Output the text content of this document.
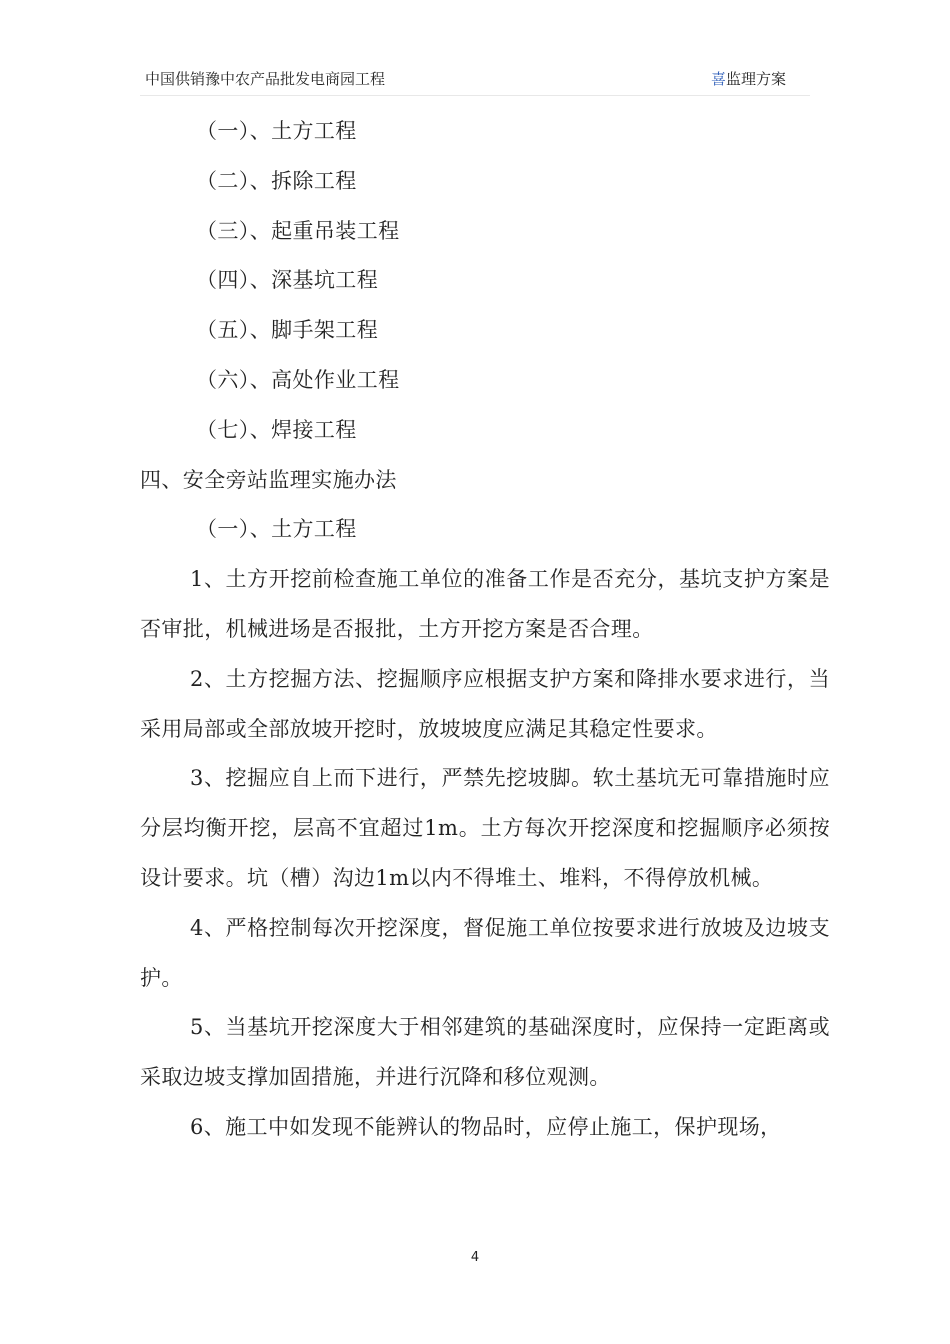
中国供销豫中农产品批发电商园工程	喜监理方案

（一）、土方工程

（二）、拆除工程

（三）、起重吊装工程

（四）、深基坑工程

（五）、脚手架工程

（六）、高处作业工程

（七）、焊接工程

四、安全旁站监理实施办法

（一）、土方工程

1、土方开挖前检查施工单位的准备工作是否充分，基坑支护方案是否审批，机械进场是否报批，土方开挖方案是否合理。

2、土方挖掘方法、挖掘顺序应根据支护方案和降排水要求进行，当采用局部或全部放坡开挖时，放坡坡度应满足其稳定性要求。

3、挖掘应自上而下进行，严禁先挖坡脚。软土基坑无可靠措施时应分层均衡开挖，层高不宜超过1m。土方每次开挖深度和挖掘顺序必须按设计要求。坑（槽）沟边1m以内不得堆土、堆料，不得停放机械。

4、严格控制每次开挖深度，督促施工单位按要求进行放坡及边坡支护。

5、当基坑开挖深度大于相邻建筑的基础深度时，应保持一定距离或采取边坡支撑加固措施，并进行沉降和移位观测。

6、施工中如发现不能辨认的物品时，应停止施工，保护现场，

4
